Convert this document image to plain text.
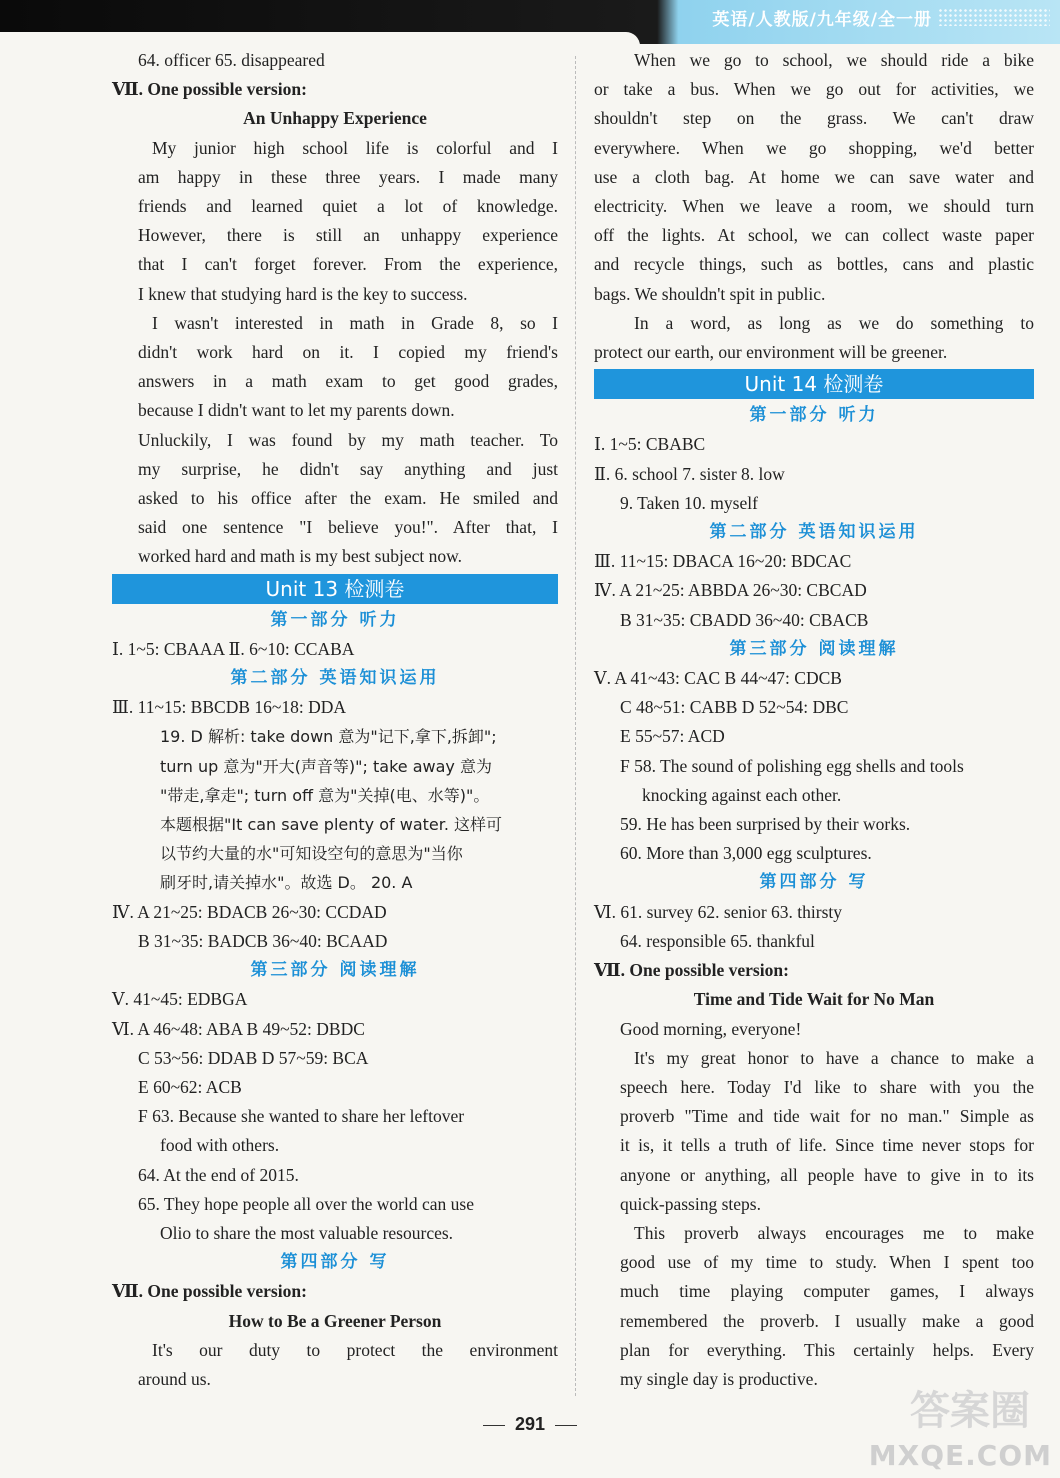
英语/人教版/九年级/全一册
64. officer 65. disappeared
Ⅶ. One possible version:
An Unhappy Experience
My junior high school life is colorful and I
am happy in these three years. I made many
friends and learned quiet a lot of knowledge.
However, there is still an unhappy experience
that I can't forget forever. From the experience,
I knew that studying hard is the key to success.
I wasn't interested in math in Grade 8, so I
didn't work hard on it. I copied my friend's
answers in a math exam to get good grades,
because I didn't want to let my parents down.
Unluckily, I was found by my math teacher. To
my surprise, he didn't say anything and just
asked to his office after the exam. He smiled and
said one sentence "I believe you!". After that, I
worked hard and math is my best subject now.
Unit 13 检测卷
第一部分 听力
Ⅰ. 1~5: CBAAA Ⅱ. 6~10: CCABA
第二部分 英语知识运用
Ⅲ. 11~15: BBCDB 16~18: DDA
19. D 解析: take down 意为"记下,拿下,拆卸";
turn up 意为"开大(声音等)"; take away 意为
"带走,拿走"; turn off 意为"关掉(电、水等)"。
本题根据"It can save plenty of water. 这样可
以节约大量的水"可知设空句的意思为"当你
刷牙时,请关掉水"。故选 D。 20. A
Ⅳ. A 21~25: BDACB 26~30: CCDAD
B 31~35: BADCB 36~40: BCAAD
第三部分 阅读理解
Ⅴ. 41~45: EDBGA
Ⅵ. A 46~48: ABA B 49~52: DBDC
C 53~56: DDAB D 57~59: BCA
E 60~62: ACB
F 63. Because she wanted to share her leftover
food with others.
64. At the end of 2015.
65. They hope people all over the world can use
Olio to share the most valuable resources.
第四部分 写
Ⅶ. One possible version:
How to Be a Greener Person
It's our duty to protect the environment
around us.
When we go to school, we should ride a bike
or take a bus. When we go out for activities, we
shouldn't step on the grass. We can't draw
everywhere. When we go shopping, we'd better
use a cloth bag. At home we can save water and
electricity. When we leave a room, we should turn
off the lights. At school, we can collect waste paper
and recycle things, such as bottles, cans and plastic
bags. We shouldn't spit in public.
In a word, as long as we do something to
protect our earth, our environment will be greener.
Unit 14 检测卷
第一部分 听力
Ⅰ. 1~5: CBABC
Ⅱ. 6. school 7. sister 8. low
9. Taken 10. myself
第二部分 英语知识运用
Ⅲ. 11~15: DBACA 16~20: BDCAC
Ⅳ. A 21~25: ABBDA 26~30: CBCAD
B 31~35: CBADD 36~40: CBACB
第三部分 阅读理解
Ⅴ. A 41~43: CAC B 44~47: CDCB
C 48~51: CABB D 52~54: DBC
E 55~57: ACD
F 58. The sound of polishing egg shells and tools
knocking against each other.
59. He has been surprised by their works.
60. More than 3,000 egg sculptures.
第四部分 写
Ⅵ. 61. survey 62. senior 63. thirsty
64. responsible 65. thankful
Ⅶ. One possible version:
Time and Tide Wait for No Man
Good morning, everyone!
It's my great honor to have a chance to make a
speech here. Today I'd like to share with you the
proverb "Time and tide wait for no man." Simple as
it is, it tells a truth of life. Since time never stops for
anyone or anything, all people have to give in to its
quick-passing steps.
This proverb always encourages me to make
good use of my time to study. When I spent too
much time playing computer games, I always
remembered the proverb. I usually make a good
plan for everything. This certainly helps. Every
my single day is productive.
291	答案圈
MXQE.COM
